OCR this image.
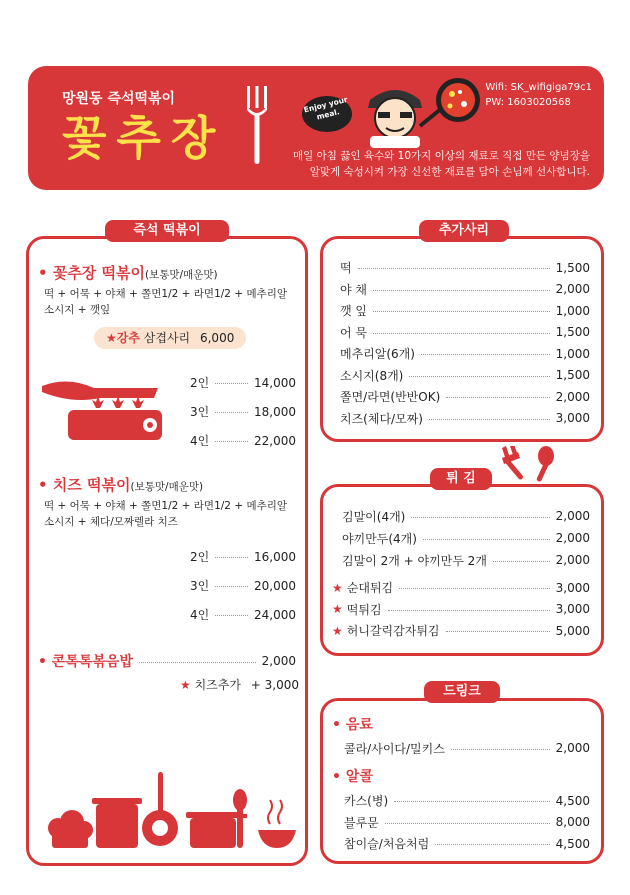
망원동 즉석떡볶이
꽃추장
Enjoy your meal.
Wifi: SK_wifigiga79c1
PW: 1603020568
매일 아침 끓인 육수와 10가지 이상의 재료로 직접 만든 양념장을
알맞게 숙성시켜 가장 신선한 재료를 담아 손님께 선사합니다.
즉석 떡볶이
• 꽃추장 떡볶이(보통맛/매운맛)
떡 + 어묵 + 야채 + 쫄면1/2 + 라면1/2 + 메추리알
소시지 + 깻잎
★강추 삼겹사리 6,000
2인	14,000
3인	18,000
4인	22,000
• 치즈 떡볶이(보통맛/매운맛)
떡 + 어묵 + 야채 + 쫄면1/2 + 라면1/2 + 메추리알
소시지 + 체다/모짜렐라 치즈
2인	16,000
3인	20,000
4인	24,000
• 콘톡톡볶음밥	2,000
★ 치즈추가 + 3,000
추가사리
떡	1,500
야 채	2,000
깻 잎	1,000
어 묵	1,500
메추리알(6개)	1,000
소시지(8개)	1,500
쫄면/라면(반반OK)	2,000
치즈(체다/모짜)	3,000
튀 김
김말이(4개)	2,000
야끼만두(4개)	2,000
김말이 2개 + 야끼만두 2개	2,000
★ 순대튀김	3,000
★ 떡튀김	3,000
★ 허니갈릭감자튀김	5,000
드링크
• 음료
콜라/사이다/밀키스	2,000
• 알콜
카스(병)	4,500
블루문	8,000
참이슬/처음처럼	4,500
